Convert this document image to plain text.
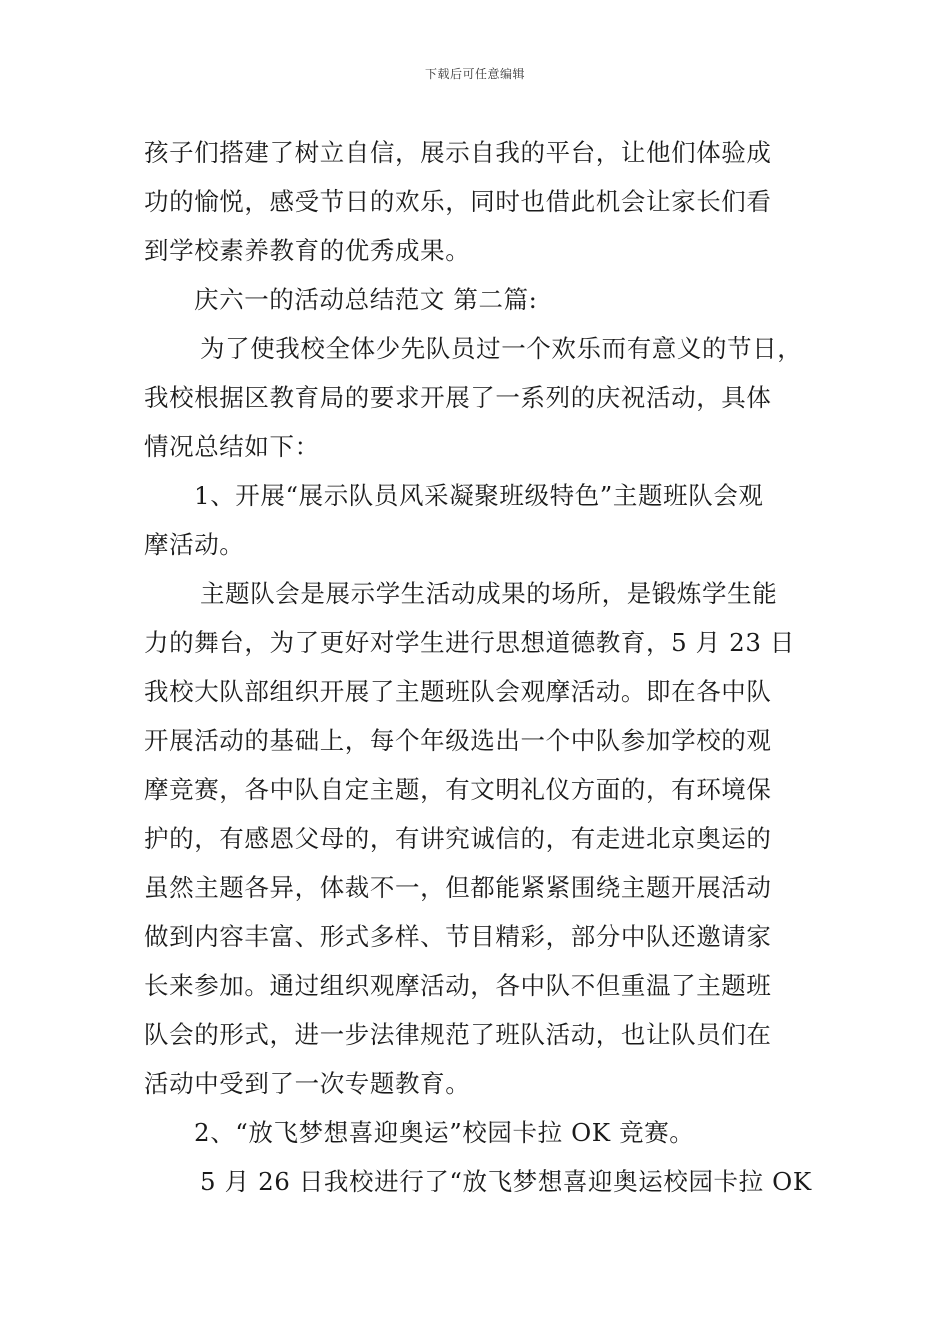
下载后可任意编辑
孩子们搭建了树立自信，展示自我的平台，让他们体验成
功的愉悦，感受节日的欢乐，同时也借此机会让家长们看
到学校素养教育的优秀成果。
庆六一的活动总结范文 第二篇:
为了使我校全体少先队员过一个欢乐而有意义的节日，
我校根据区教育局的要求开展了一系列的庆祝活动，具体
情况总结如下：
1、开展“展示队员风采凝聚班级特色”主题班队会观
摩活动。
主题队会是展示学生活动成果的场所，是锻炼学生能
力的舞台，为了更好对学生进行思想道德教育，5 月 23 日
我校大队部组织开展了主题班队会观摩活动。即在各中队
开展活动的基础上，每个年级选出一个中队参加学校的观
摩竞赛，各中队自定主题，有文明礼仪方面的，有环境保
护的，有感恩父母的，有讲究诚信的，有走进北京奥运的
虽然主题各异，体裁不一，但都能紧紧围绕主题开展活动
做到内容丰富、形式多样、节目精彩，部分中队还邀请家
长来参加。通过组织观摩活动，各中队不但重温了主题班
队会的形式，进一步法律规范了班队活动，也让队员们在
活动中受到了一次专题教育。
2、“放飞梦想喜迎奥运”校园卡拉 OK 竞赛。
5 月 26 日我校进行了“放飞梦想喜迎奥运校园卡拉 OK
